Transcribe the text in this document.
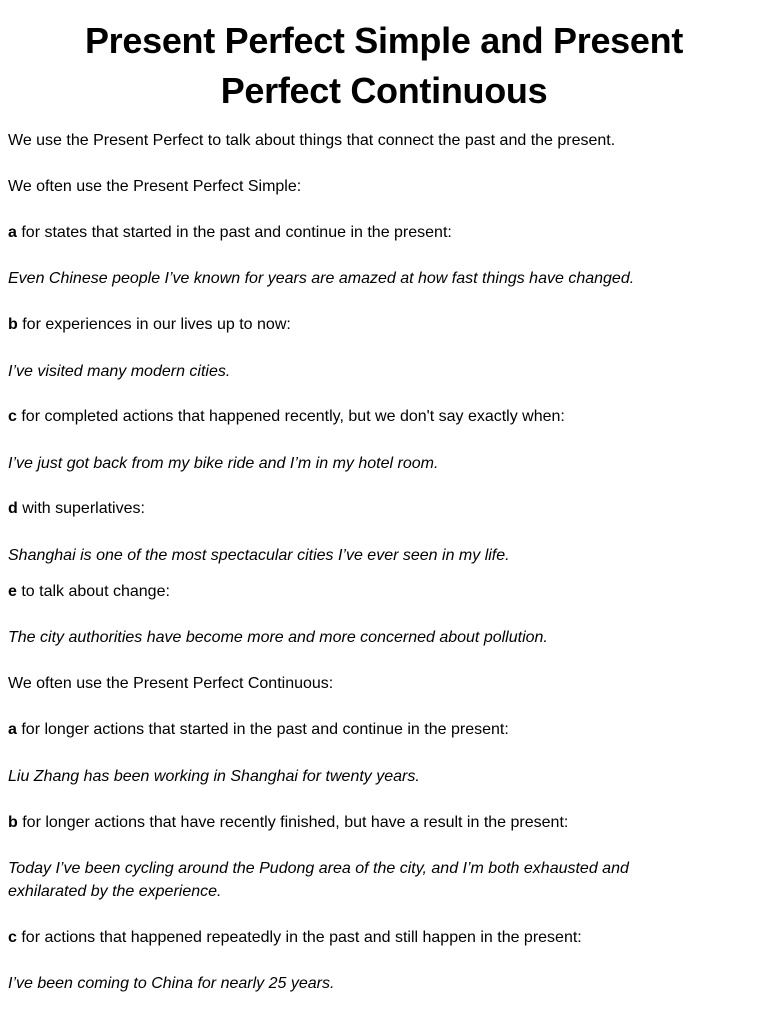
Present Perfect Simple and Present
Perfect Continuous

We use the Present Perfect to talk about things that connect the past and the present.

We often use the Present Perfect Simple:

a for states that started in the past and continue in the present:

Even Chinese people I’ve known for years are amazed at how fast things have changed.

b for experiences in our lives up to now:

I’ve visited many modern cities.

c for completed actions that happened recently, but we don't say exactly when:

I’ve just got back from my bike ride and I’m in my hotel room.

d with superlatives:

Shanghai is one of the most spectacular cities I’ve ever seen in my life.

e to talk about change:

The city authorities have become more and more concerned about pollution.

We often use the Present Perfect Continuous:

a for longer actions that started in the past and continue in the present:

Liu Zhang has been working in Shanghai for twenty years.

b for longer actions that have recently finished, but have a result in the present:

Today I’ve been cycling around the Pudong area of the city, and I’m both exhausted and exhilarated by the experience.

c for actions that happened repeatedly in the past and still happen in the present:

I’ve been coming to China for nearly 25 years.
